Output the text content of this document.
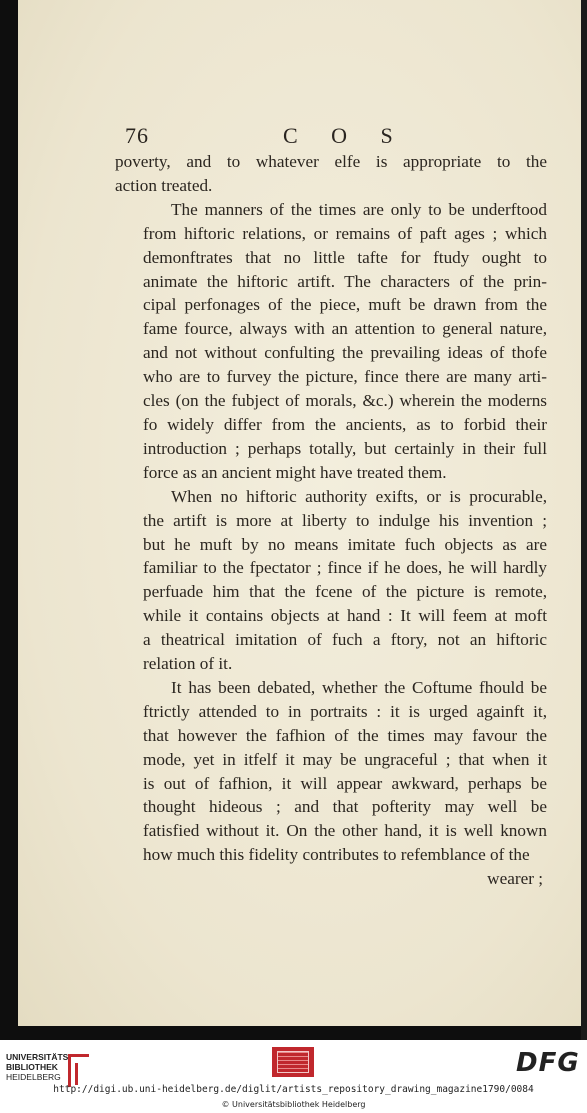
76	C O S

poverty, and to whatever elfe is appropriate to the
action treated.

The manners of the times are only to be underftood
from hiftoric relations, or remains of paft ages ; which
demonftrates that no little tafte for ftudy ought to
animate the hiftoric artift. The characters of the prin-
cipal perfonages of the piece, muft be drawn from the
fame fource, always with an attention to general nature,
and not without confulting the prevailing ideas of thofe
who are to furvey the picture, fince there are many arti-
cles (on the fubject of morals, &c.) wherein the moderns
fo widely differ from the ancients, as to forbid their
introduction ; perhaps totally, but certainly in their full
force as an ancient might have treated them.

When no hiftoric authority exifts, or is procurable,
the artift is more at liberty to indulge his invention ;
but he muft by no means imitate fuch objects as are
familiar to the fpectator ; fince if he does, he will hardly
perfuade him that the fcene of the picture is remote,
while it contains objects at hand : It will feem at moft
a theatrical imitation of fuch a ftory, not an hiftoric
relation of it.

It has been debated, whether the Coftume fhould be
ftrictly attended to in portraits : it is urged againft it,
that however the fafhion of the times may favour the
mode, yet in itfelf it may be ungraceful ; that when it
is out of fafhion, it will appear awkward, perhaps be
thought hideous ; and that pofterity may well be
fatisfied without it. On the other hand, it is well known
how much this fidelity contributes to refemblance of the

wearer ;
UNIVERSITÄTS-
BIBLIOTHEK
HEIDELBERG	DFG
http://digi.ub.uni-heidelberg.de/diglit/artists_repository_drawing_magazine1790/0084
© Universitätsbibliothek Heidelberg
